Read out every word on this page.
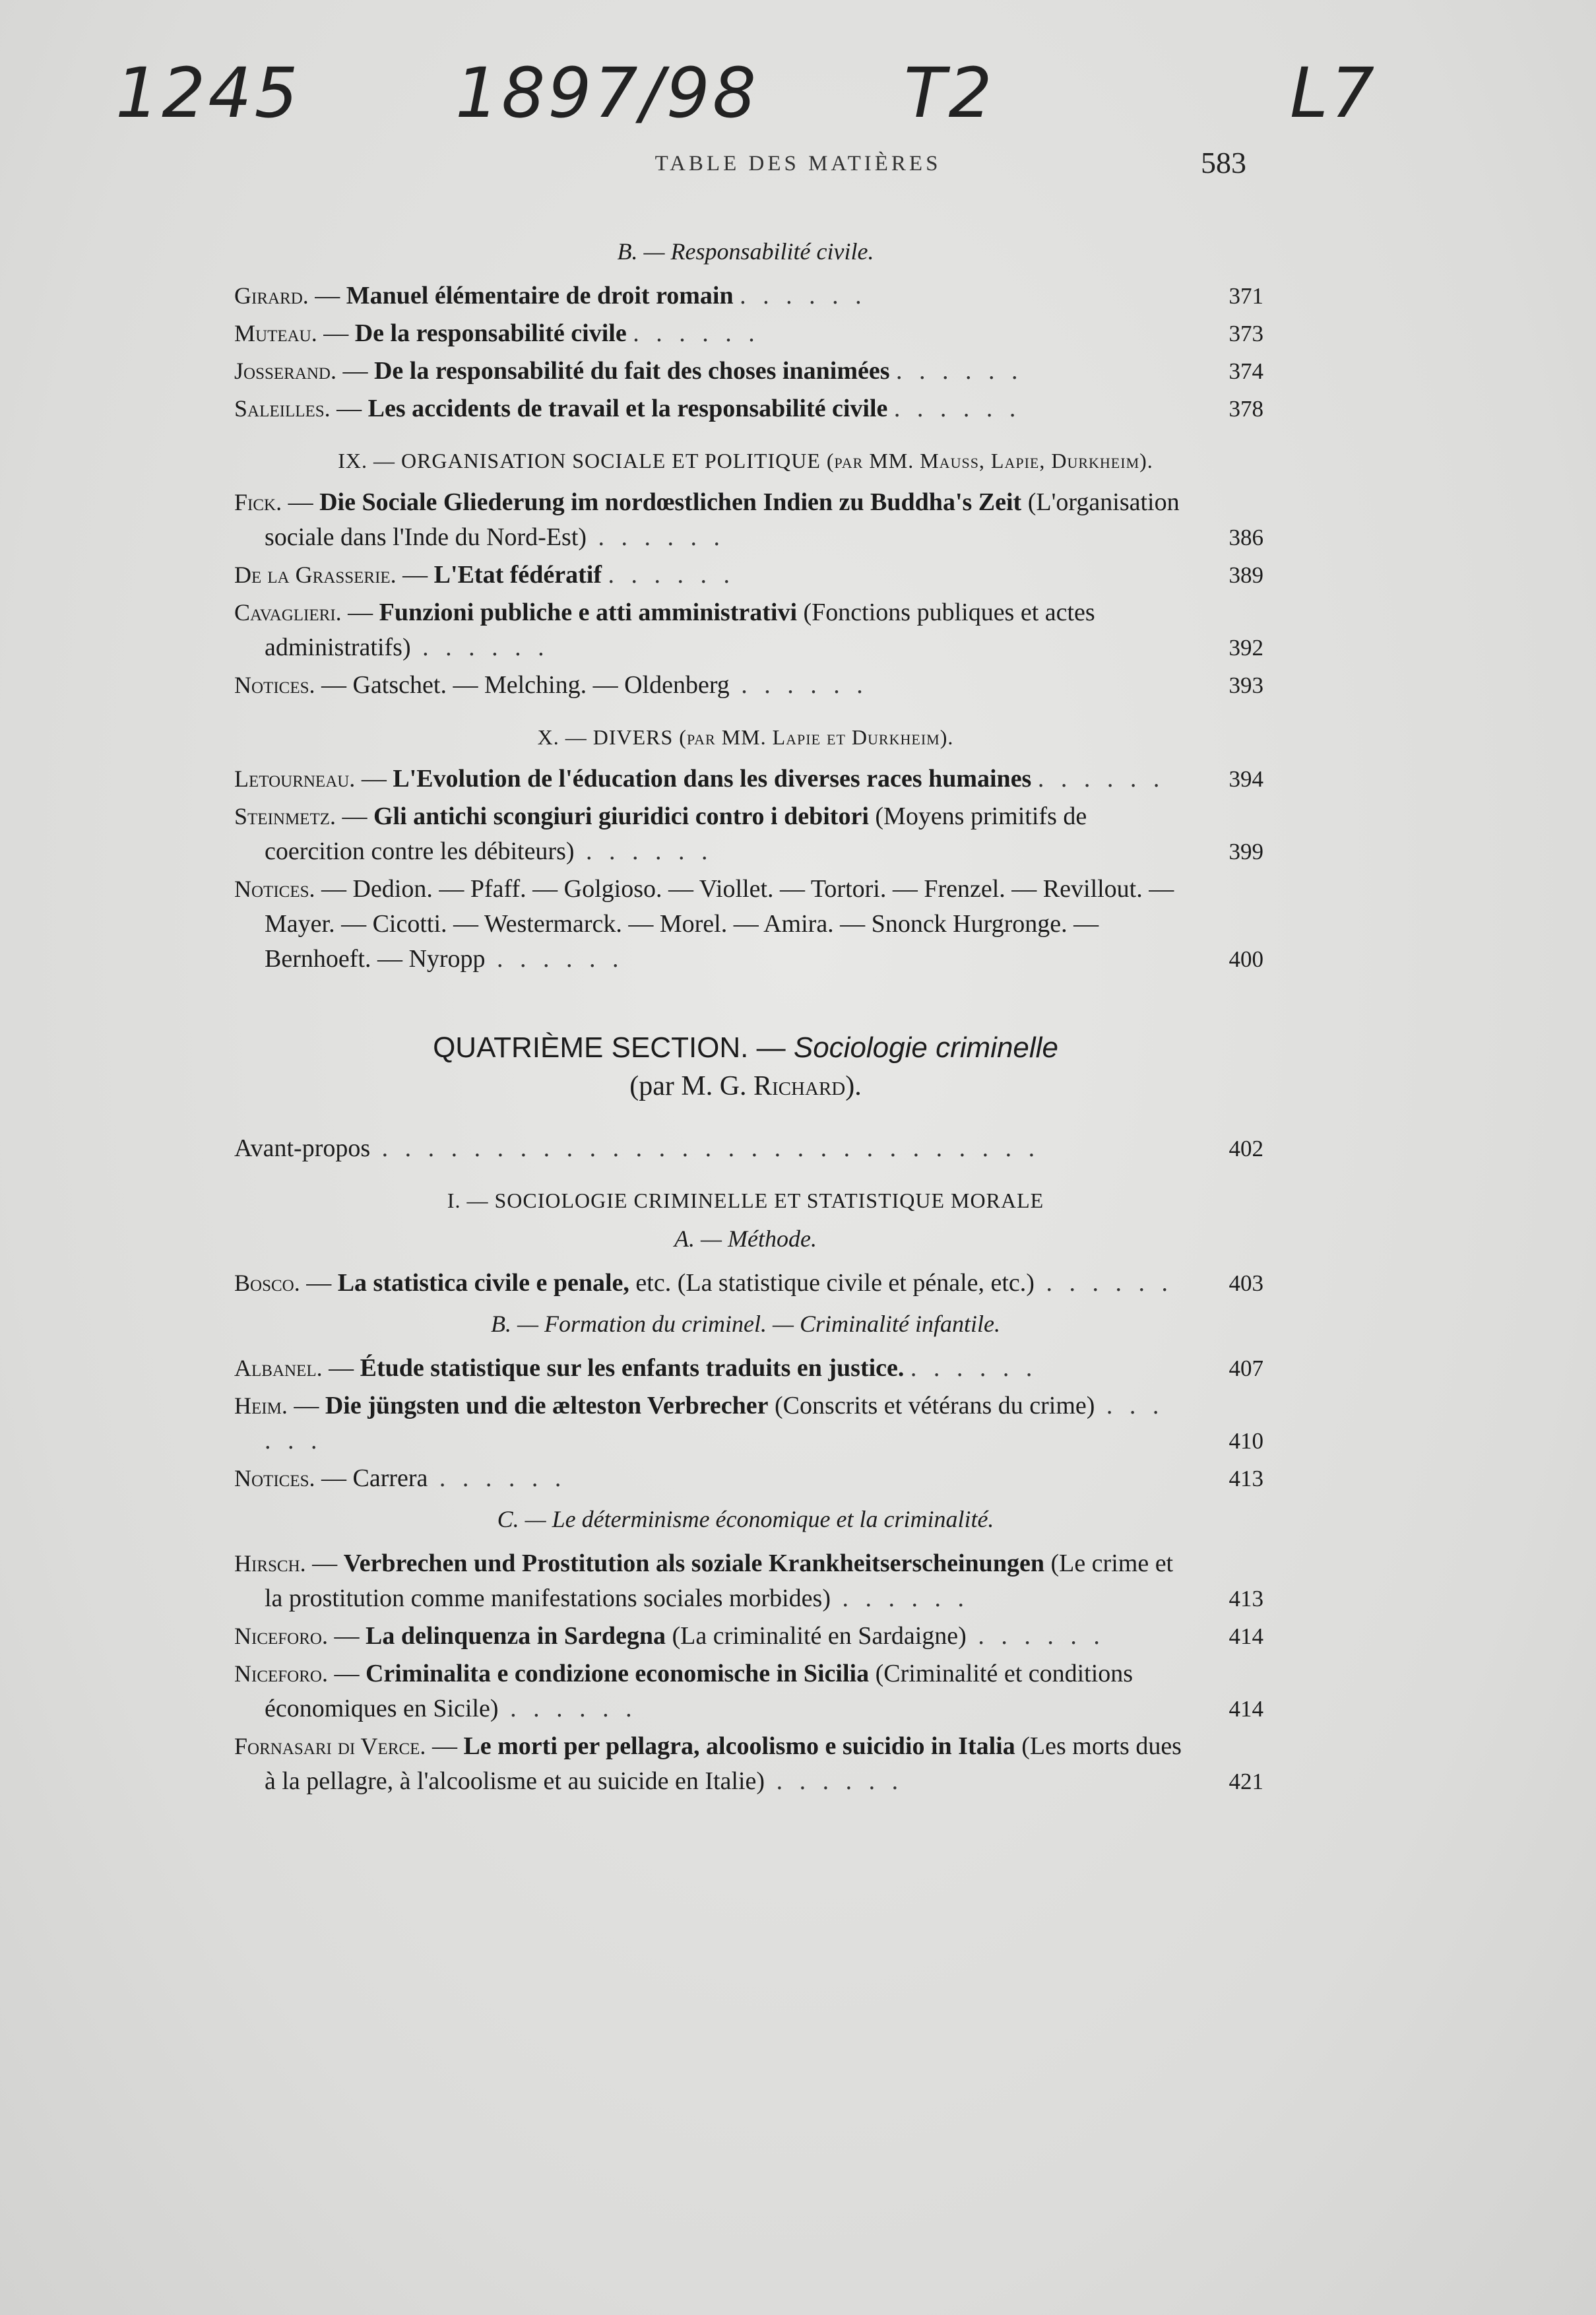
1245 1897/98 T2	L7
TABLE DES MATIÈRES	583
B. — Responsabilité civile.
Girard. — Manuel élémentaire de droit romain . . . . . .	371
Muteau. — De la responsabilité civile . . . . . .	373
Josserand. — De la responsabilité du fait des choses inanimées . . . . . .	374
Saleilles. — Les accidents de travail et la responsabilité civile . . . . . .	378
IX. — ORGANISATION SOCIALE ET POLITIQUE (par MM. Mauss, Lapie, Durkheim).
Fick. — Die Sociale Gliederung im nordœstlichen Indien zu Buddha's Zeit (L'organisation sociale dans l'Inde du Nord-Est) . . . . . .	386
De la Grasserie. — L'Etat fédératif . . . . . .	389
Cavaglieri. — Funzioni publiche e atti amministrativi (Fonctions publiques et actes administratifs) . . . . . .	392
Notices. — Gatschet. — Melching. — Oldenberg . . . . . .	393
X. — DIVERS (par MM. Lapie et Durkheim).
Letourneau. — L'Evolution de l'éducation dans les diverses races humaines . . . . . .	394
Steinmetz. — Gli antichi scongiuri giuridici contro i debitori (Moyens primitifs de coercition contre les débiteurs) . . . . . .	399
Notices. — Dedion. — Pfaff. — Golgioso. — Viollet. — Tortori. — Frenzel. — Revillout. — Mayer. — Cicotti. — Westermarck. — Morel. — Amira. — Snonck Hurgronge. — Bernhoeft. — Nyropp . . . . . .	400
QUATRIÈME SECTION. — Sociologie criminelle
(par M. G. Richard).
Avant-propos . . . . . . . . . . . . . . . . . . . . . . . . . . . . .	402
I. — SOCIOLOGIE CRIMINELLE ET STATISTIQUE MORALE
A. — Méthode.
Bosco. — La statistica civile e penale, etc. (La statistique civile et pénale, etc.) . . . . . .	403
B. — Formation du criminel. — Criminalité infantile.
Albanel. — Étude statistique sur les enfants traduits en justice. . . . . . .	407
Heim. — Die jüngsten und die ælteston Verbrecher (Conscrits et vétérans du crime) . . . . . .	410
Notices. — Carrera . . . . . .	413
C. — Le déterminisme économique et la criminalité.
Hirsch. — Verbrechen und Prostitution als soziale Krankheitserscheinungen (Le crime et la prostitution comme manifestations sociales morbides) . . . . . .	413
Niceforo. — La delinquenza in Sardegna (La criminalité en Sardaigne) . . . . . .	414
Niceforo. — Criminalita e condizione economische in Sicilia (Criminalité et conditions économiques en Sicile) . . . . . .	414
Fornasari di Verce. — Le morti per pellagra, alcoolismo e suicidio in Italia (Les morts dues à la pellagre, à l'alcoolisme et au suicide en Italie) . . . . . .	421
